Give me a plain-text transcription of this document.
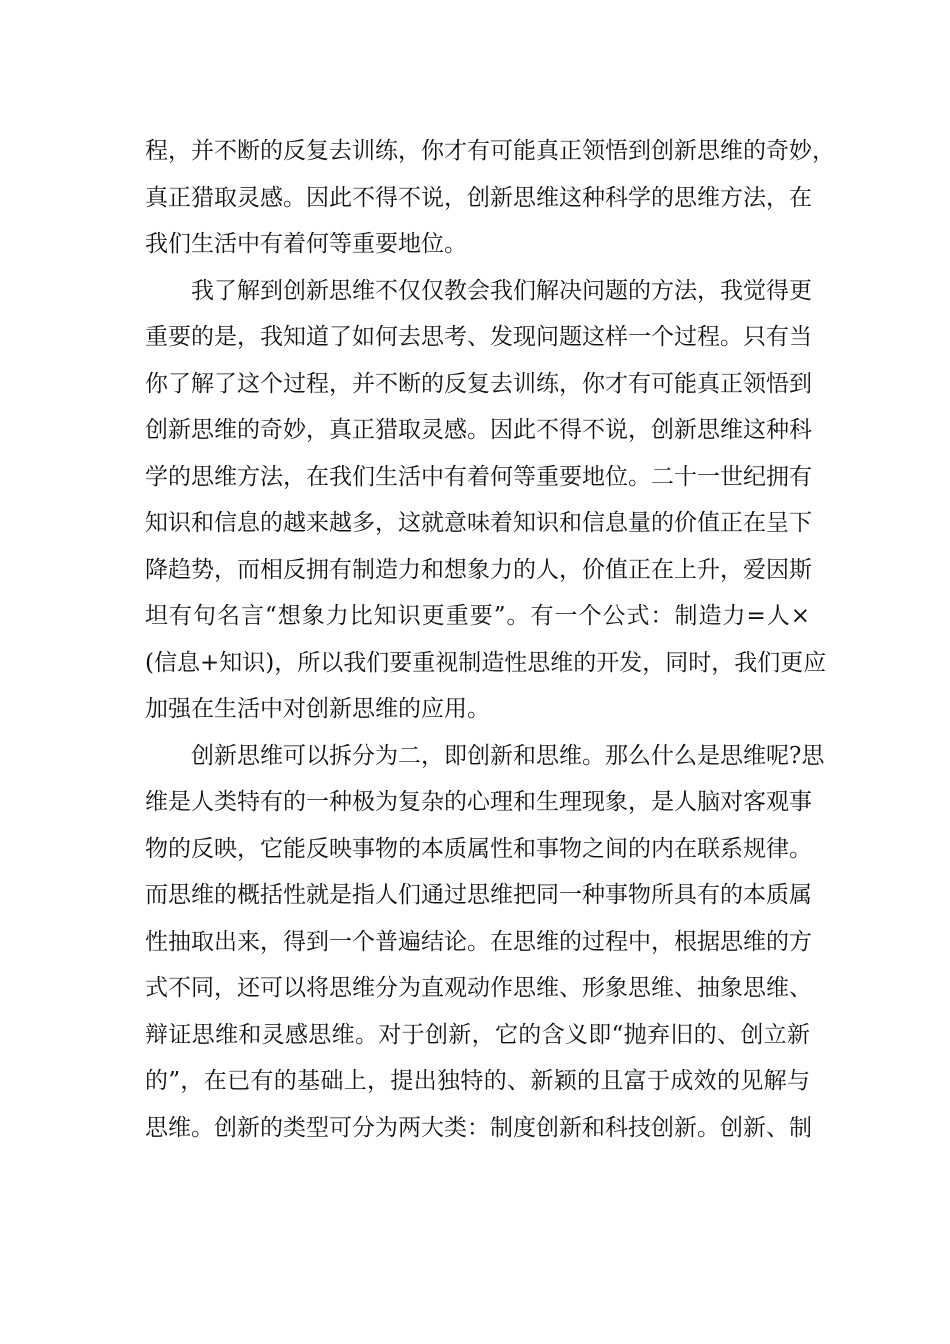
程，并不断的反复去训练，你才有可能真正领悟到创新思维的奇妙，
真正猎取灵感。因此不得不说，创新思维这种科学的思维方法，在
我们生活中有着何等重要地位。
我了解到创新思维不仅仅教会我们解决问题的方法，我觉得更
重要的是，我知道了如何去思考、发现问题这样一个过程。只有当
你了解了这个过程，并不断的反复去训练，你才有可能真正领悟到
创新思维的奇妙，真正猎取灵感。因此不得不说，创新思维这种科
学的思维方法，在我们生活中有着何等重要地位。二十一世纪拥有
知识和信息的越来越多，这就意味着知识和信息量的价值正在呈下
降趋势，而相反拥有制造力和想象力的人，价值正在上升，爱因斯
坦有句名言“想象力比知识更重要”。有一个公式：制造力=人×
(信息+知识)，所以我们要重视制造性思维的开发，同时，我们更应
加强在生活中对创新思维的应用。
创新思维可以拆分为二，即创新和思维。那么什么是思维呢?思
维是人类特有的一种极为复杂的心理和生理现象，是人脑对客观事
物的反映，它能反映事物的本质属性和事物之间的内在联系规律。
而思维的概括性就是指人们通过思维把同一种事物所具有的本质属
性抽取出来，得到一个普遍结论。在思维的过程中，根据思维的方
式不同，还可以将思维分为直观动作思维、形象思维、抽象思维、
辩证思维和灵感思维。对于创新，它的含义即“抛弃旧的、创立新
的”，在已有的基础上，提出独特的、新颖的且富于成效的见解与
思维。创新的类型可分为两大类：制度创新和科技创新。创新、制
